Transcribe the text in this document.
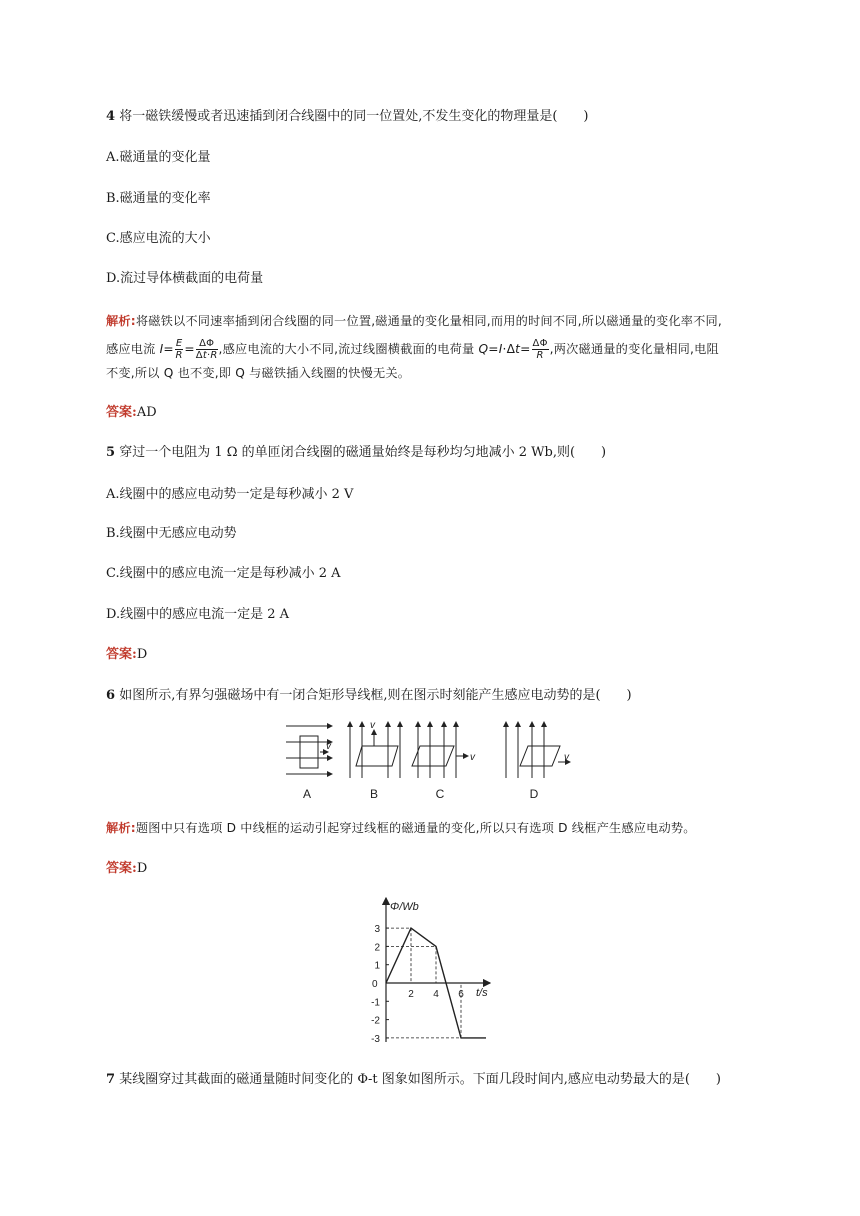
4 将一磁铁缓慢或者迅速插到闭合线圈中的同一位置处,不发生变化的物理量是(　　)
A.磁通量的变化量
B.磁通量的变化率
C.感应电流的大小
D.流过导体横截面的电荷量
解析:将磁铁以不同速率插到闭合线圈的同一位置,磁通量的变化量相同,而用的时间不同,所以磁通量的变化率不同,
感应电流 $I= \frac{E}{R} = \frac{\Delta\Phi}{\Delta t\cdot R}$ ,感应电流的大小不同,流过线圈横截面的电荷量 $Q=I\cdot\Delta t= \frac{\Delta\Phi}{R}$ ,两次磁通量的变化量相同,电阻
不变,所以 Q 也不变,即 Q 与磁铁插入线圈的快慢无关。
答案:AD
5 穿过一个电阻为 1 Ω 的单匝闭合线圈的磁通量始终是每秒均匀地减小 2 Wb,则(　　)
A.线圈中的感应电动势一定是每秒减小 2 V
B.线圈中无感应电动势
C.线圈中的感应电流一定是每秒减小 2 A
D.线圈中的感应电流一定是 2 A
答案:D
6 如图所示,有界匀强磁场中有一闭合矩形导线框,则在图示时刻能产生感应电动势的是(　　)
v
v
v	v
A	B	C	D
解析:题图中只有选项 D 中线框的运动引起穿过线框的磁通量的变化,所以只有选项 D 线框产生感应电动势。
答案:D
Φ/Wb
t/s
0
3
2
1
-1
-2
-3
2 4 6
7 某线圈穿过其截面的磁通量随时间变化的 Φ-t 图象如图所示。下面几段时间内,感应电动势最大的是(　　)
